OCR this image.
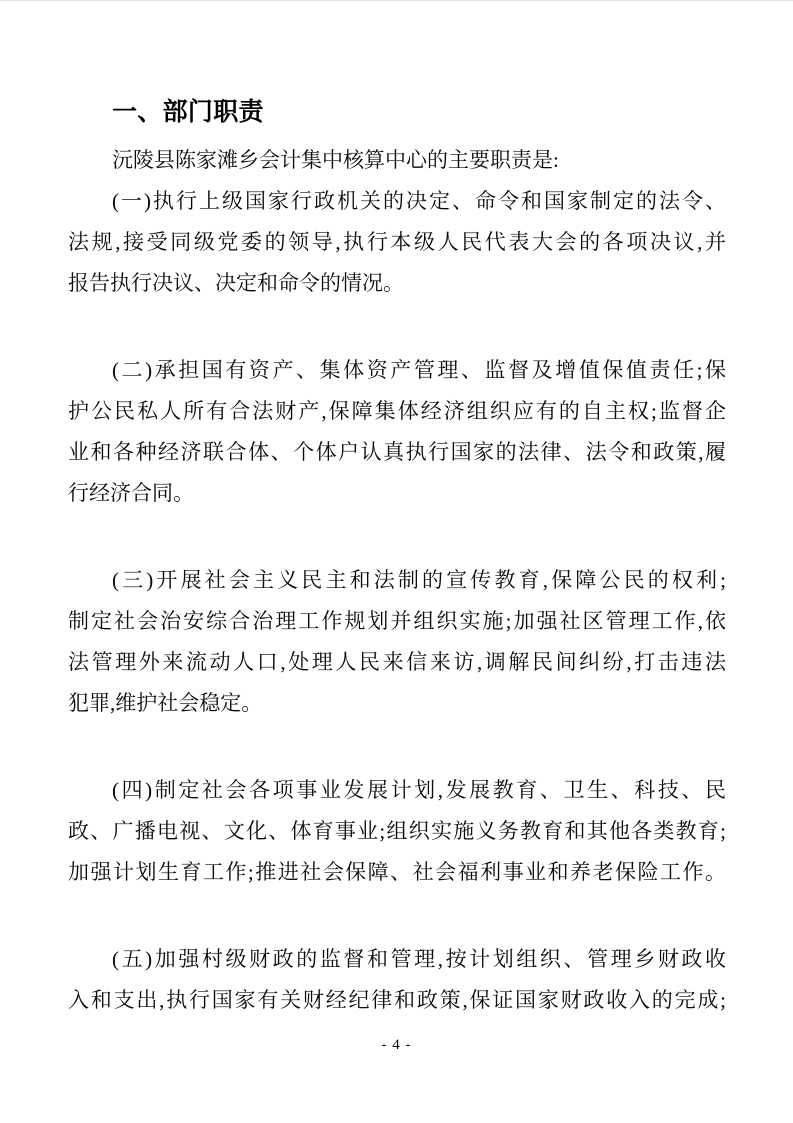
一、部门职责

沅陵县陈家滩乡会计集中核算中心的主要职责是:

(一)执行上级国家行政机关的决定、命令和国家制定的法令、
法规,接受同级党委的领导,执行本级人民代表大会的各项决议,并
报告执行决议、决定和命令的情况。
(二)承担国有资产、集体资产管理、监督及增值保值责任;保
护公民私人所有合法财产,保障集体经济组织应有的自主权;监督企
业和各种经济联合体、个体户认真执行国家的法律、法令和政策,履
行经济合同。
(三)开展社会主义民主和法制的宣传教育,保障公民的权利;
制定社会治安综合治理工作规划并组织实施;加强社区管理工作,依
法管理外来流动人口,处理人民来信来访,调解民间纠纷,打击违法
犯罪,维护社会稳定。
(四)制定社会各项事业发展计划,发展教育、卫生、科技、民
政、广播电视、文化、体育事业;组织实施义务教育和其他各类教育;
加强计划生育工作;推进社会保障、社会福利事业和养老保险工作。
(五)加强村级财政的监督和管理,按计划组织、管理乡财政收
入和支出,执行国家有关财经纪律和政策,保证国家财政收入的完成;
- 4 -
